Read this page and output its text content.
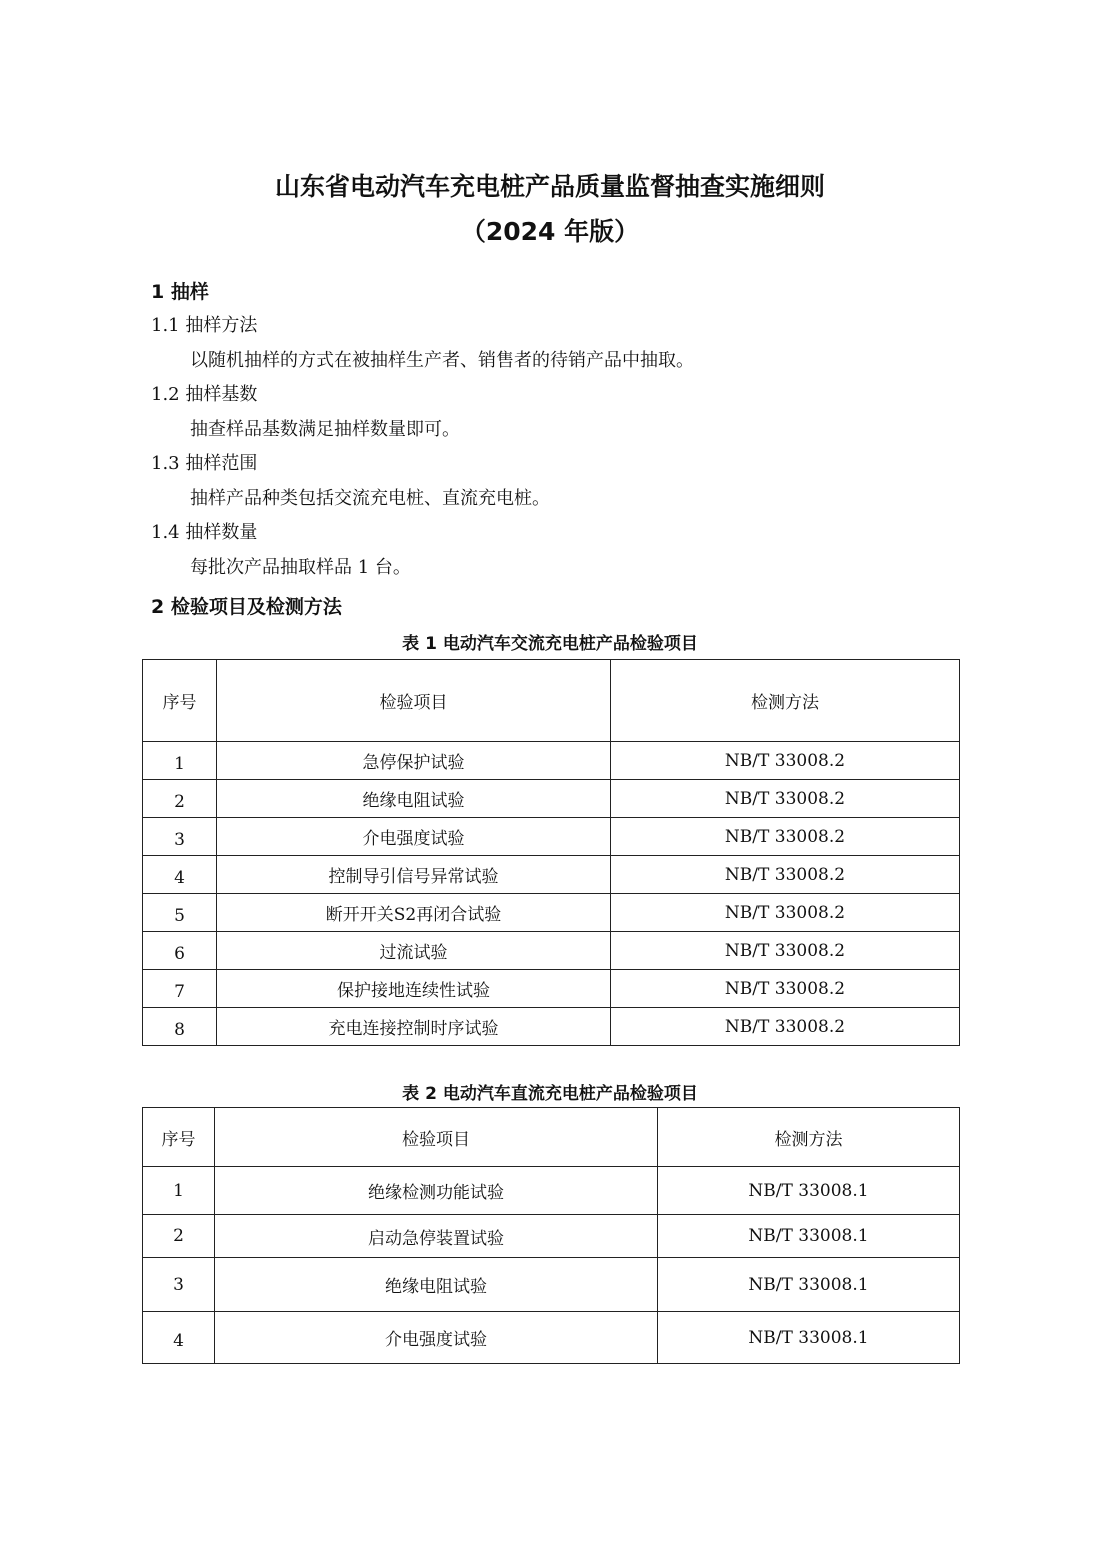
山东省电动汽车充电桩产品质量监督抽查实施细则
（2024 年版）
1 抽样
1.1 抽样方法
以随机抽样的方式在被抽样生产者、销售者的待销产品中抽取。
1.2 抽样基数
抽查样品基数满足抽样数量即可。
1.3 抽样范围
抽样产品种类包括交流充电桩、直流充电桩。
1.4 抽样数量
每批次产品抽取样品 1 台。
2 检验项目及检测方法
表 1 电动汽车交流充电桩产品检验项目
序号	检验项目	检测方法
1	急停保护试验	NB/T 33008.2
2	绝缘电阻试验	NB/T 33008.2
3	介电强度试验	NB/T 33008.2
4	控制导引信号异常试验	NB/T 33008.2
5	断开开关S2再闭合试验	NB/T 33008.2
6	过流试验	NB/T 33008.2
7	保护接地连续性试验	NB/T 33008.2
8	充电连接控制时序试验	NB/T 33008.2
表 2 电动汽车直流充电桩产品检验项目
序号	检验项目	检测方法
1	绝缘检测功能试验	NB/T 33008.1
2	启动急停装置试验	NB/T 33008.1
3	绝缘电阻试验	NB/T 33008.1
4	介电强度试验	NB/T 33008.1
